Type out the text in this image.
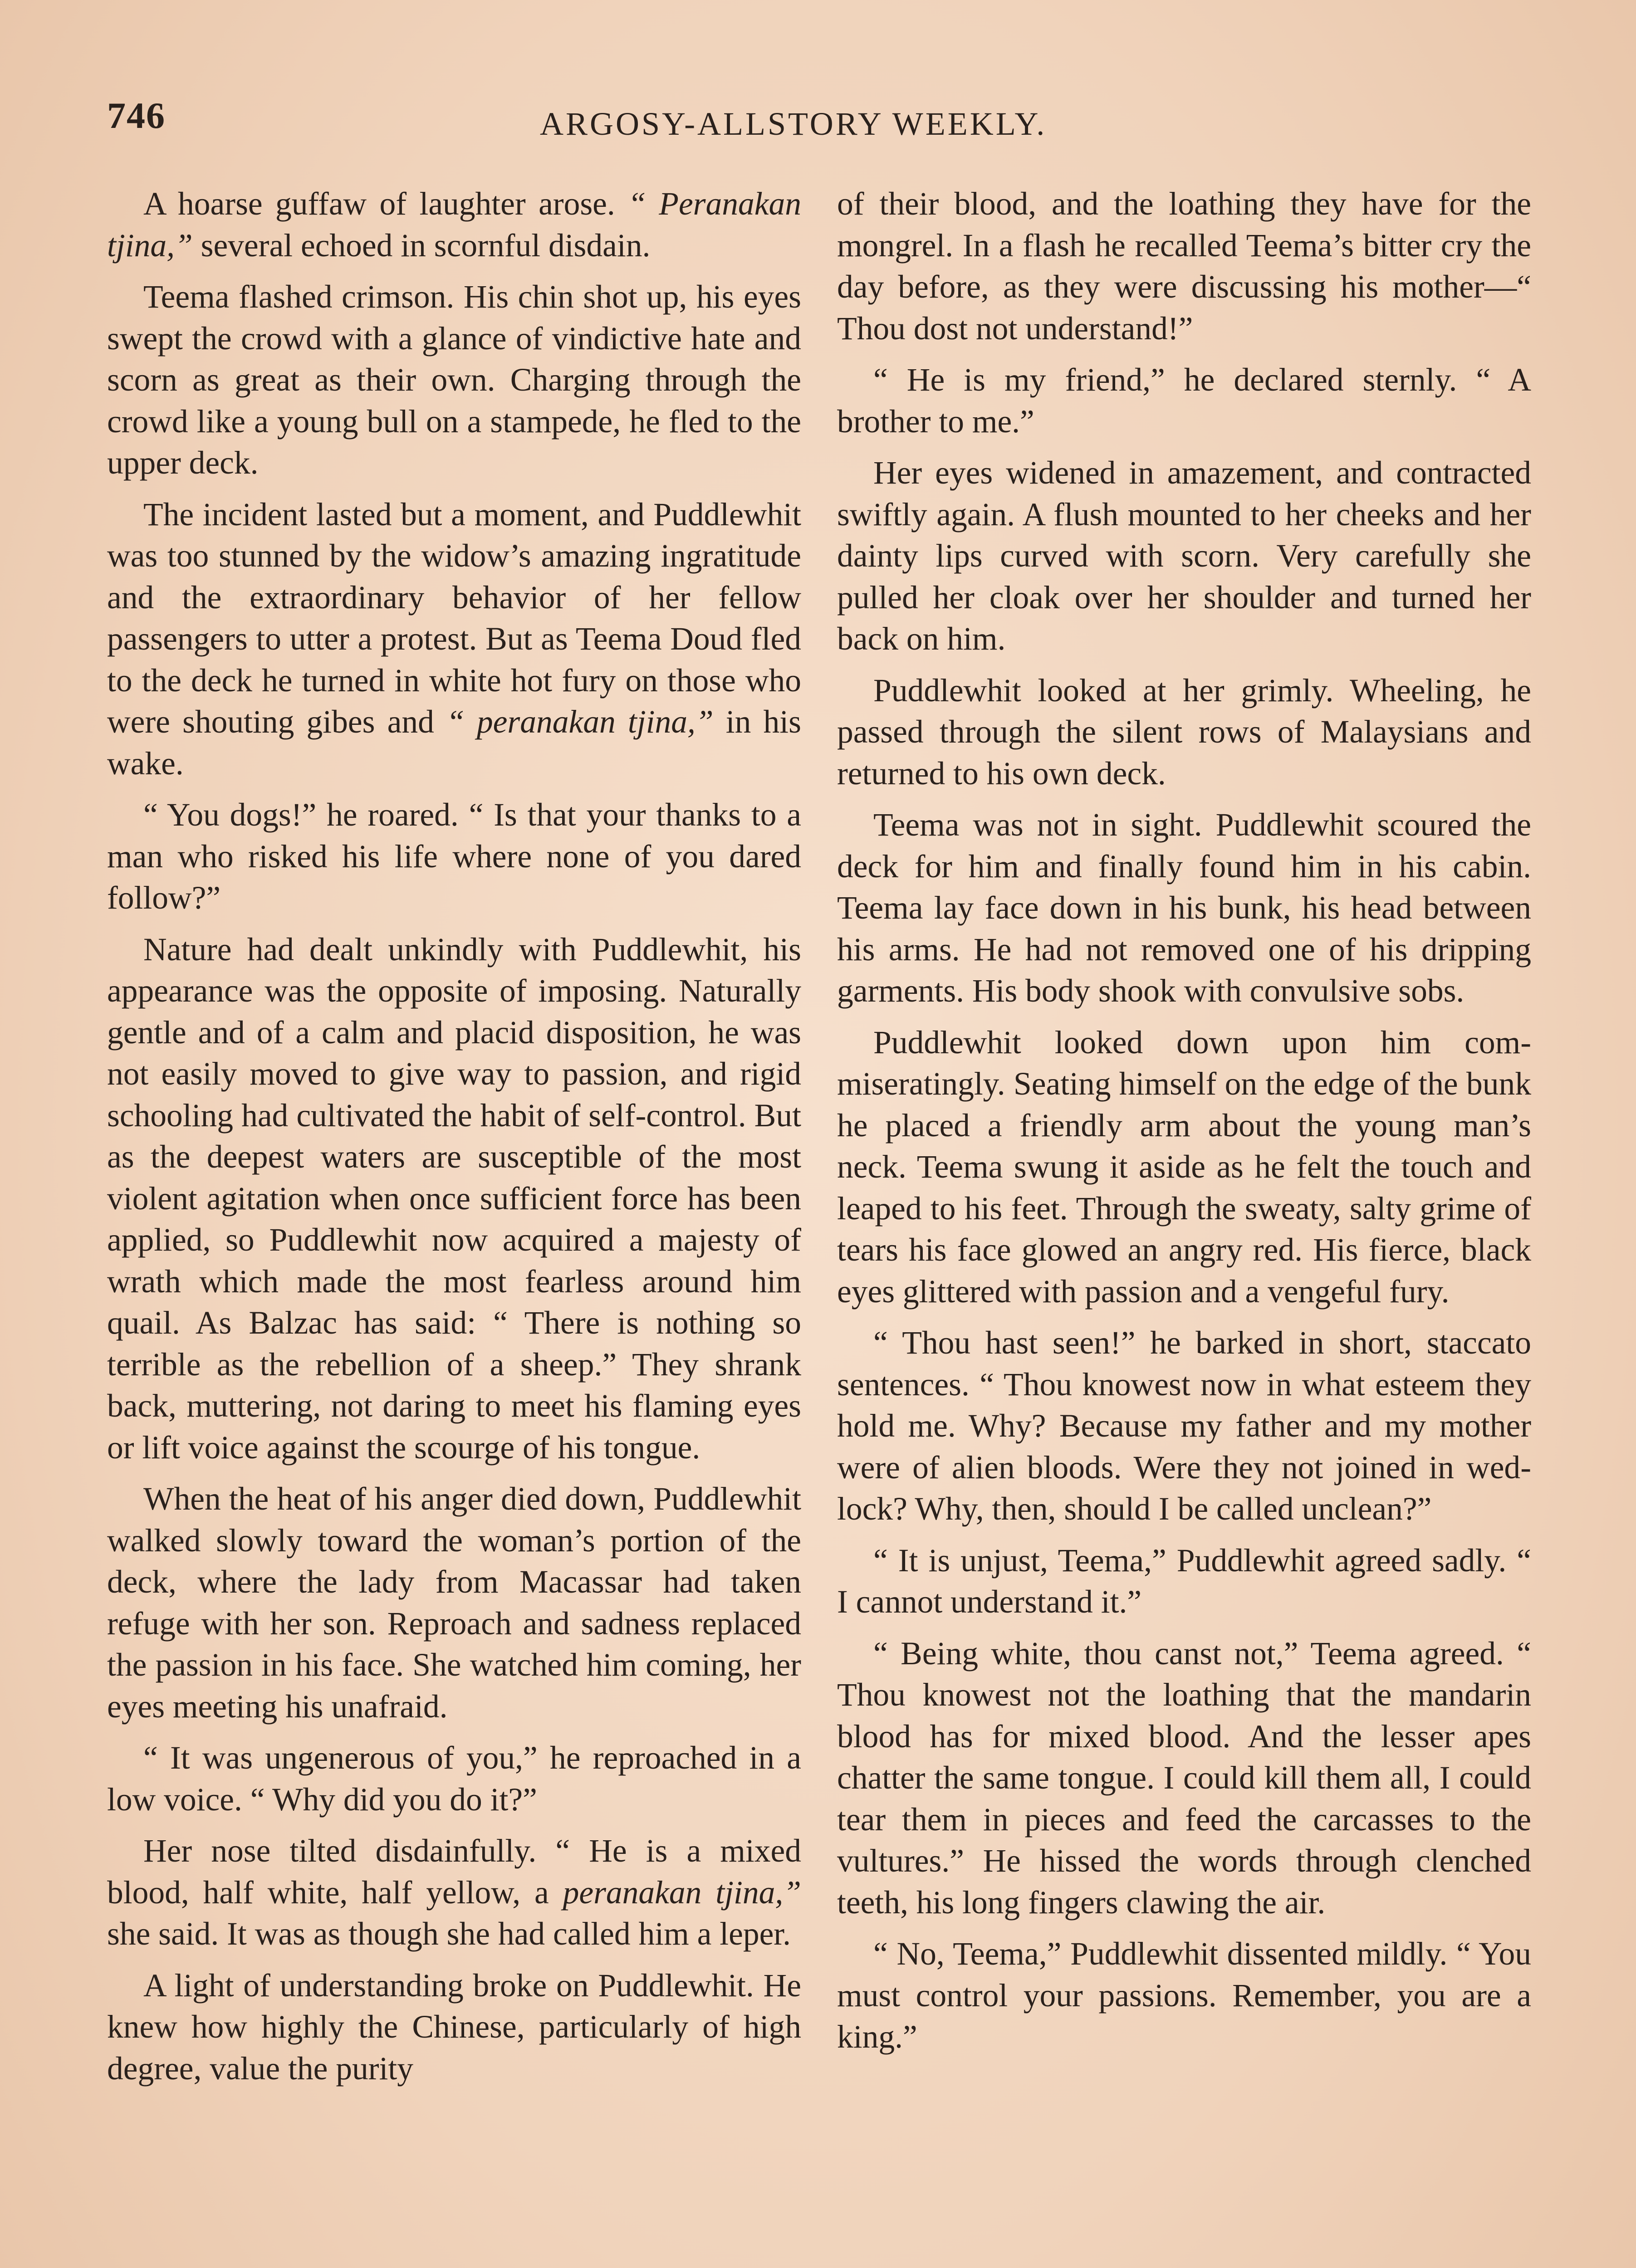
746	ARGOSY-ALLSTORY WEEKLY.

A hoarse guffaw of laughter arose. “ Peranakan tjina,” several echoed in scornful disdain.

Teema flashed crimson. His chin shot up, his eyes swept the crowd with a glance of vindictive hate and scorn as great as their own. Charging through the crowd like a young bull on a stampede, he fled to the upper deck.

The incident lasted but a moment, and Puddlewhit was too stunned by the widow’s amazing ingratitude and the extraordinary behavior of her fellow passengers to utter a protest. But as Teema Doud fled to the deck he turned in white hot fury on those who were shouting gibes and “ peranakan tjina,” in his wake.

“ You dogs!” he roared. “ Is that your thanks to a man who risked his life where none of you dared follow?”

Nature had dealt unkindly with Puddlewhit, his appearance was the opposite of imposing. Naturally gentle and of a calm and placid disposition, he was not easily moved to give way to passion, and rigid schooling had cultivated the habit of self-control. But as the deepest waters are susceptible of the most violent agitation when once sufficient force has been applied, so Puddlewhit now acquired a majesty of wrath which made the most fearless around him quail. As Balzac has said: “ There is nothing so terrible as the rebellion of a sheep.” They shrank back, muttering, not daring to meet his flaming eyes or lift voice against the scourge of his tongue.

When the heat of his anger died down, Puddlewhit walked slowly toward the woman’s portion of the deck, where the lady from Macassar had taken refuge with her son. Reproach and sadness replaced the passion in his face. She watched him coming, her eyes meeting his unafraid.

“ It was ungenerous of you,” he reproached in a low voice. “ Why did you do it?”

Her nose tilted disdainfully. “ He is a mixed blood, half white, half yellow, a peranakan tjina,” she said. It was as though she had called him a leper.

A light of understanding broke on Puddlewhit. He knew how highly the Chinese, particularly of high degree, value the purity

of their blood, and the loathing they have for the mongrel. In a flash he recalled Teema’s bitter cry the day before, as they were discussing his mother—“ Thou dost not understand!”

“ He is my friend,” he declared sternly. “ A brother to me.”

Her eyes widened in amazement, and contracted swiftly again. A flush mounted to her cheeks and her dainty lips curved with scorn. Very carefully she pulled her cloak over her shoulder and turned her back on him.

Puddlewhit looked at her grimly. Wheeling, he passed through the silent rows of Malaysians and returned to his own deck.

Teema was not in sight. Puddlewhit scoured the deck for him and finally found him in his cabin. Teema lay face down in his bunk, his head between his arms. He had not removed one of his dripping garments. His body shook with convulsive sobs.

Puddlewhit looked down upon him commiseratingly. Seating himself on the edge of the bunk he placed a friendly arm about the young man’s neck. Teema swung it aside as he felt the touch and leaped to his feet. Through the sweaty, salty grime of tears his face glowed an angry red. His fierce, black eyes glittered with passion and a vengeful fury.

“ Thou hast seen!” he barked in short, staccato sentences. “ Thou knowest now in what esteem they hold me. Why? Because my father and my mother were of alien bloods. Were they not joined in wedlock? Why, then, should I be called unclean?”

“ It is unjust, Teema,” Puddlewhit agreed sadly. “ I cannot understand it.”

“ Being white, thou canst not,” Teema agreed. “ Thou knowest not the loathing that the mandarin blood has for mixed blood. And the lesser apes chatter the same tongue. I could kill them all, I could tear them in pieces and feed the carcasses to the vultures.” He hissed the words through clenched teeth, his long fingers clawing the air.

“ No, Teema,” Puddlewhit dissented mildly. “ You must control your passions. Remember, you are a king.”
